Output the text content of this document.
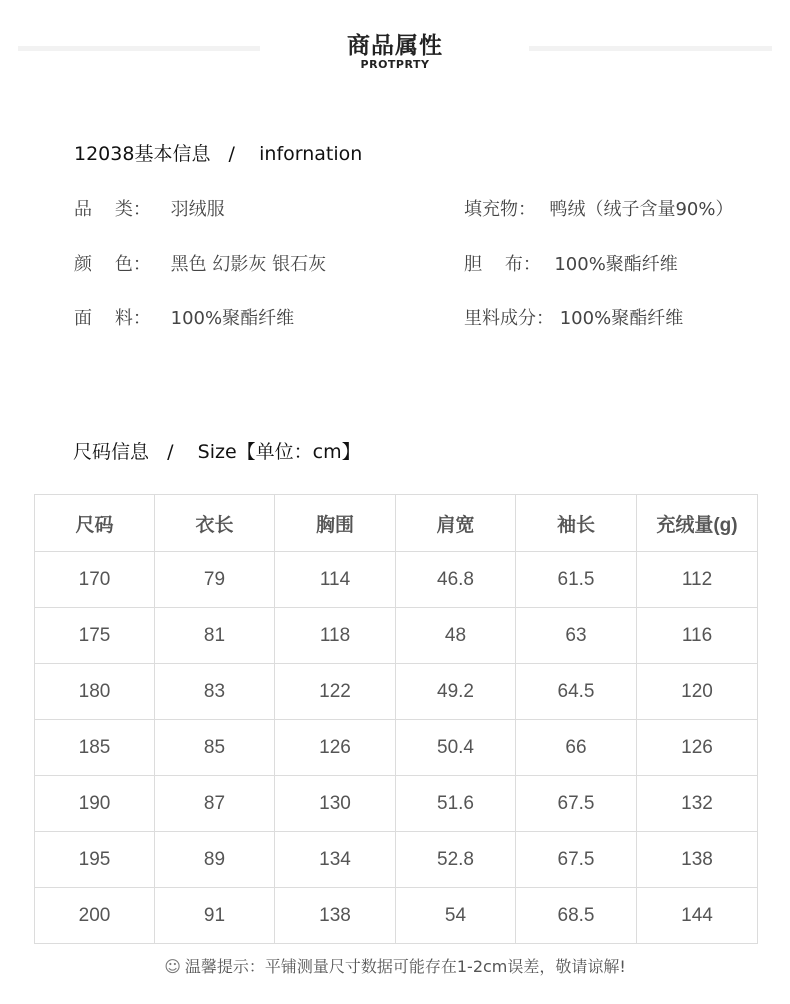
商品属性
PROTPRTY
12038基本信息   /    infornation
品    类： 羽绒服
颜    色： 黑色 幻影灰 银石灰
面    料： 100%聚酯纤维
填充物：  鸭绒（绒子含量90%）
胆    布：  100%聚酯纤维
里料成分： 100%聚酯纤维
尺码信息   /    Size【单位：cm】
尺码	衣长	胸围	肩宽	袖长	充绒量(g)
170	79	114	46.8	61.5	112
175	81	118	48	63	116
180	83	122	49.2	64.5	120
185	85	126	50.4	66	126
190	87	130	51.6	67.5	132
195	89	134	52.8	67.5	138
200	91	138	54	68.5	144
☺ 温馨提示：平铺测量尺寸数据可能存在1-2cm误差，敬请谅解!
